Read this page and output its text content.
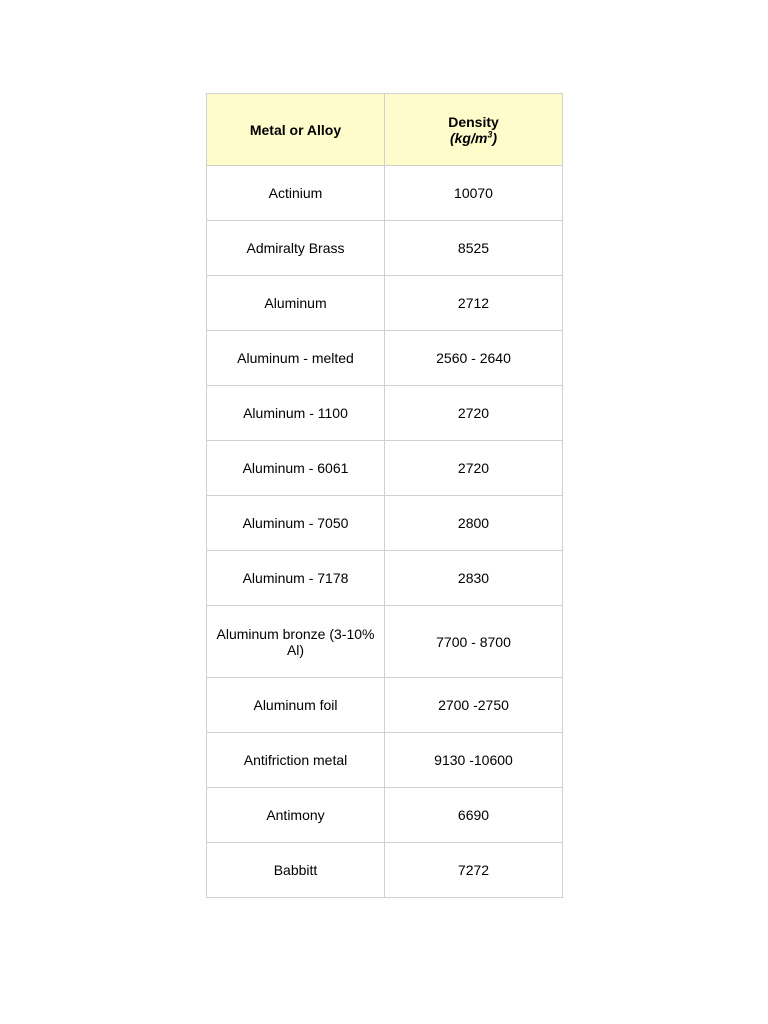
Metal or Alloy	Density
$(kg/m^3)$
Actinium	10070
Admiralty Brass	8525
Aluminum	2712
Aluminum - melted	2560 - 2640
Aluminum - 1100	2720
Aluminum - 6061	2720
Aluminum - 7050	2800
Aluminum - 7178	2830
Aluminum bronze (3-10% Al)	7700 - 8700
Aluminum foil	2700 -2750
Antifriction metal	9130 -10600
Antimony	6690
Babbitt	7272
